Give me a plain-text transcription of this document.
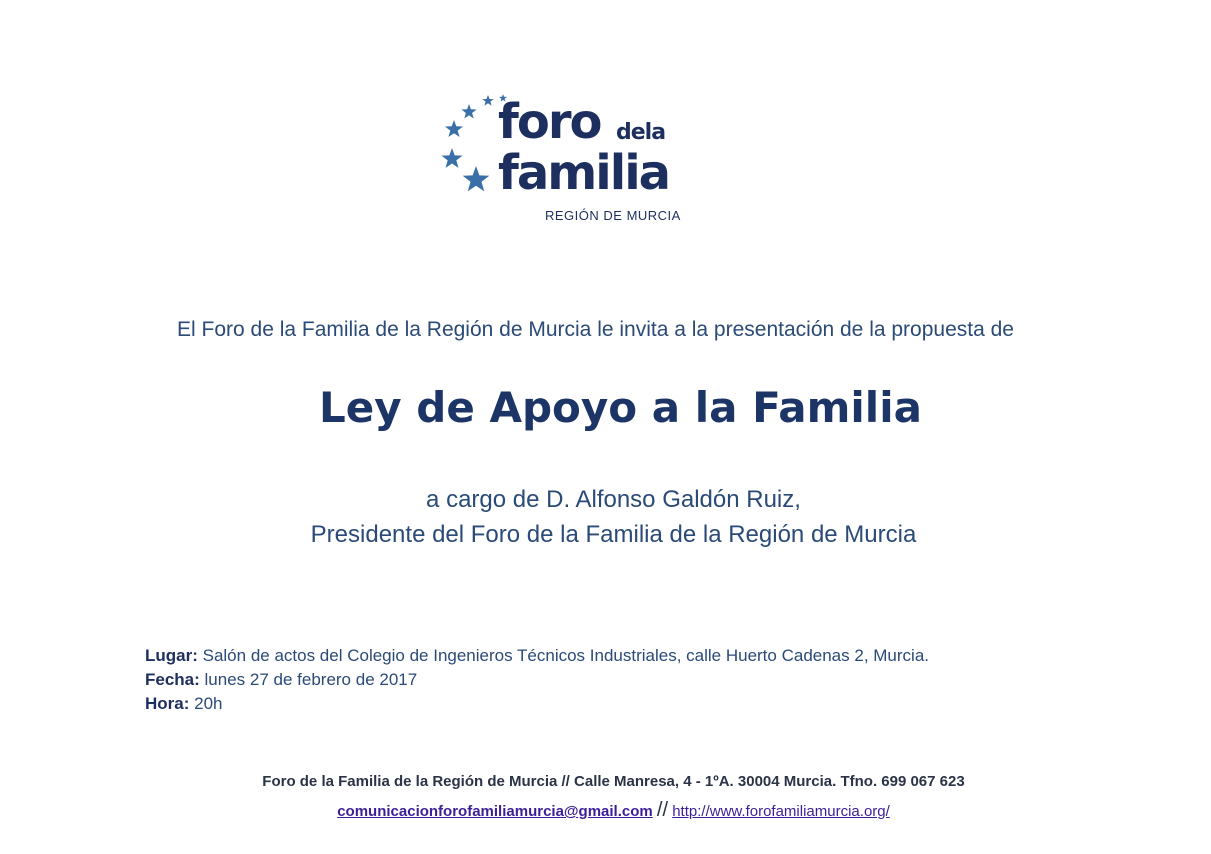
foro dela
familia
REGIÓN DE MURCIA
El Foro de la Familia de la Región de Murcia le invita a la presentación de la propuesta de
Ley de Apoyo a la Familia
a cargo de D. Alfonso Galdón Ruiz,
Presidente del Foro de la Familia de la Región de Murcia
Lugar: Salón de actos del Colegio de Ingenieros Técnicos Industriales, calle Huerto Cadenas 2, Murcia.
Fecha: lunes 27 de febrero de 2017
Hora: 20h
Foro de la Familia de la Región de Murcia // Calle Manresa, 4 - 1ºA. 30004 Murcia. Tfno. 699 067 623
comunicacionforofamiliamurcia@gmail.com // http://www.forofamiliamurcia.org/
